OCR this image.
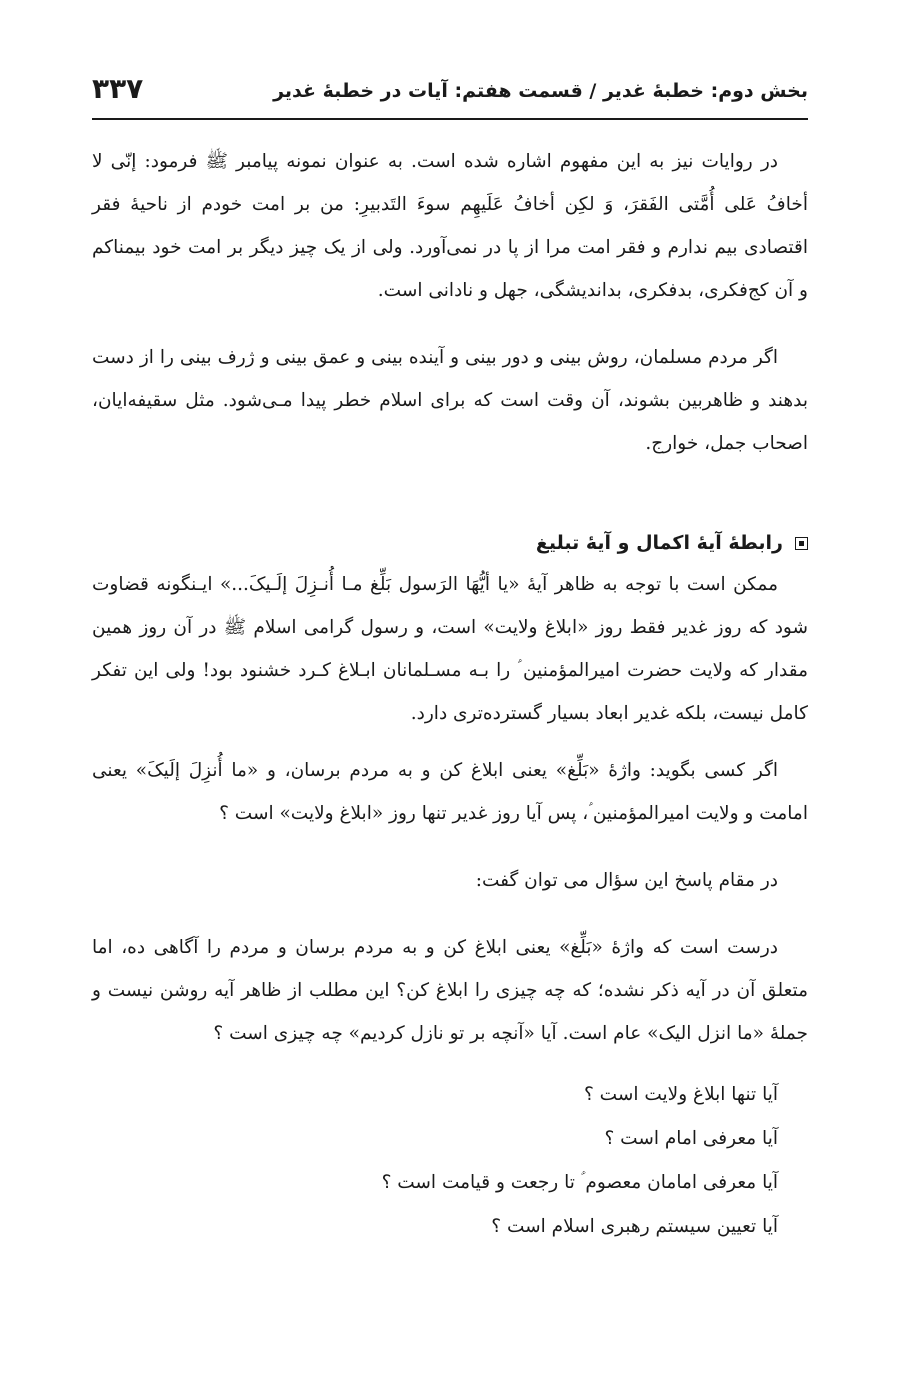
بخش دوم: خطبهٔ غدیر / قسمت هفتم: آیات در خطبهٔ غدیر
۳۳۷

در روایات نیز به این مفهوم اشاره شده است. به عنوان نمونه پیامبر ﷺ فرمود: إنّی لا أخافُ عَلی أُمَّتی الفَقرَ، وَ لكِن أخافُ عَلَیهِم سوءَ التَدبیرِ: من بر امت خودم از ناحیهٔ فقر اقتصادی بیم ندارم و فقر امت مرا از پا در نمی‌آورد. ولی از یک چیز دیگر بر امت خود بیمناکم و آن کج‌فکری، بدفکری، بداندیشگی، جهل و نادانی است.

اگر مردم مسلمان، روش بینی و دور بینی و آینده بینی و عمق بینی و ژرف بینی را از دست بدهند و ظاهربین بشوند، آن وقت است که برای اسلام خطر پیدا مـی‌شود. مثل سقیفه‌ایان، اصحاب جمل، خوارج.

رابطهٔ آیهٔ اکمال و آیهٔ تبلیغ

ممکن است با توجه به ظاهر آیهٔ «یا أیُّهَا الرَسول بَلِّغ مـا أُنـزِلَ إلَـیکَ...» ایـنگونه قضاوت شود که روز غدیر فقط روز «ابلاغ ولایت» است، و رسول گرامی اسلام ﷺ در آن روز همین مقدار که ولایت حضرت امیرالمؤمنین ؑ را بـه مسـلمانان ابـلاغ کـرد خشنود بود! ولی این تفکر کامل نیست، بلکه غدیر ابعاد بسیار گسترده‌تری دارد.

اگر کسی بگوید: واژهٔ «بَلِّغ» یعنی ابلاغ کن و به مردم برسان، و «ما أُنزِلَ إلَیکَ» یعنی امامت و ولایت امیرالمؤمنین ؑ، پس آیا روز غدیر تنها روز «ابلاغ ولایت» است ؟

در مقام پاسخ این سؤال می توان گفت:

درست است که واژهٔ «بَلِّغ» یعنی ابلاغ کن و به مردم برسان و مردم را آگاهی ده، اما متعلق آن در آیه ذکر نشده؛ که چه چیزی را ابلاغ کن؟ این مطلب از ظاهر آیه روشن نیست و جملهٔ «ما انزل الیک» عام است. آیا «آنچه بر تو نازل کردیم» چه چیزی است ؟

آیا تنها ابلاغ ولایت است ؟
آیا معرفی امام است ؟
آیا معرفی امامان معصوم ؑ تا رجعت و قیامت است ؟
آیا تعیین سیستم رهبری اسلام است ؟
